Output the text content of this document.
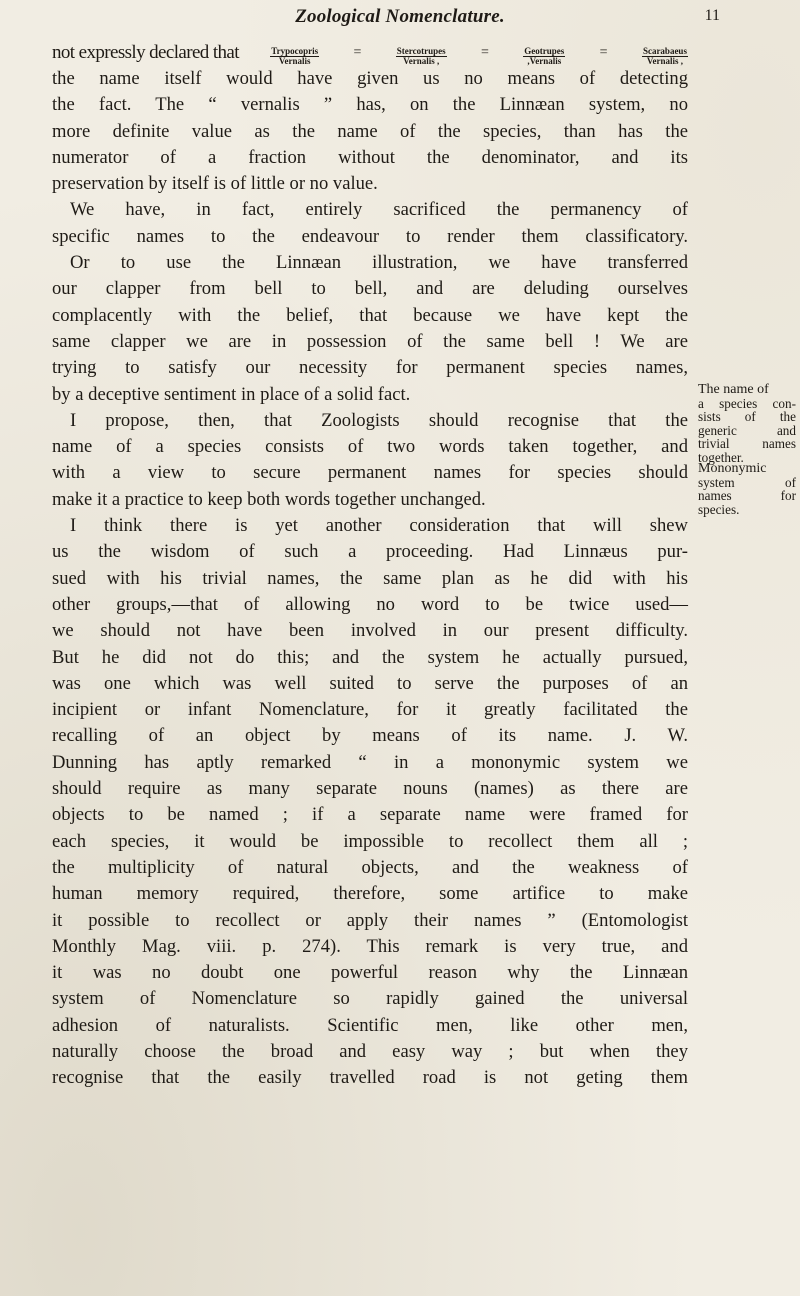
Zoological Nomenclature.	11
not expressly declared that	$\frac{\text{Trypocopris}}{\text{Vernalis}}$ =	$\frac{\text{Stercotrupes}}{\text{Vernalis ,}}$ =	$\frac{\text{Geotrupes}}{\text{,Vernalis}}$ =	$\frac{\text{Scarabaeus}}{\text{Vernalis ,}}$
the name itself would have given us no means of detecting
the fact. The “ vernalis ” has, on the Linnæan system, no
more definite value as the name of the species, than has the
numerator of a fraction without the denominator, and its
preservation by itself is of little or no value.
We have, in fact, entirely sacrificed the permanency of
specific names to the endeavour to render them classificatory.
Or to use the Linnæan illustration, we have transferred
our clapper from bell to bell, and are deluding ourselves
complacently with the belief, that because we have kept the
same clapper we are in possession of the same bell ! We are
trying to satisfy our necessity for permanent species names,
by a deceptive sentiment in place of a solid fact.
I propose, then, that Zoologists should recognise that the
name of a species consists of two words taken together, and
with a view to secure permanent names for species should
make it a practice to keep both words together unchanged.
I think there is yet another consideration that will shew
us the wisdom of such a proceeding. Had Linnæus pur-
sued with his trivial names, the same plan as he did with his
other groups,—that of allowing no word to be twice used—
we should not have been involved in our present difficulty.
But he did not do this; and the system he actually pursued,
was one which was well suited to serve the purposes of an
incipient or infant Nomenclature, for it greatly facilitated the
recalling of an object by means of its name. J. W.
Dunning has aptly remarked “ in a mononymic system we
should require as many separate nouns (names) as there are
objects to be named ; if a separate name were framed for
each species, it would be impossible to recollect them all ;
the multiplicity of natural objects, and the weakness of
human memory required, therefore, some artifice to make
it possible to recollect or apply their names ” (Entomologist
Monthly Mag. viii. p. 274). This remark is very true, and
it was no doubt one powerful reason why the Linnæan
system of Nomenclature so rapidly gained the universal
adhesion of naturalists. Scientific men, like other men,
naturally choose the broad and easy way ; but when they
recognise that the easily travelled road is not geting them
The name of
a species con-
sists of the
generic and
trivial names
together.
Mononymic
system of
names for
species.
